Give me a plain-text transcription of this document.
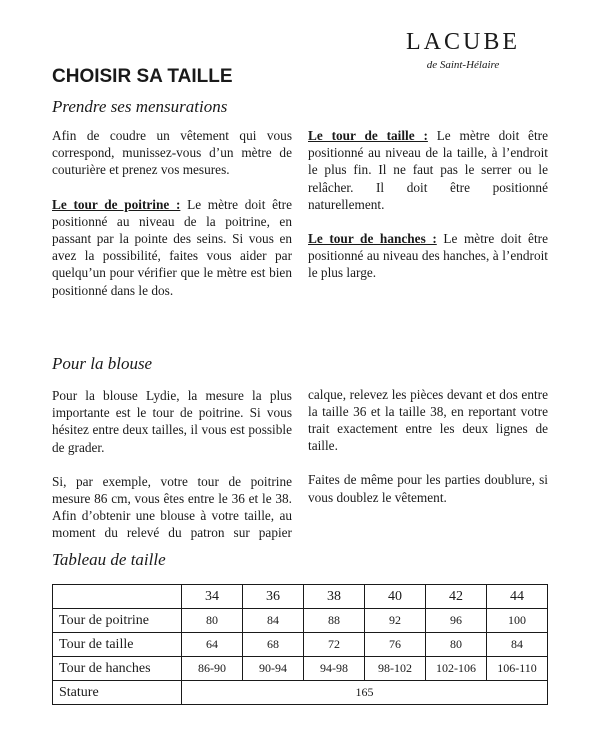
LACUBE
de Saint-Hélaire
CHOISIR SA TAILLE
Prendre ses mensurations

Afin de coudre un vêtement qui vous correspond, munissez-vous d’un mètre de couturière et prenez vos mesures.

Le tour de poitrine : Le mètre doit être positionné au niveau de la poitrine, en passant par la pointe des seins. Si vous en avez la possibilité, faites vous aider par quelqu’un pour vérifier que le mètre est bien positionné dans le dos.

Le tour de taille : Le mètre doit être positionné au niveau de la taille, à l’endroit le plus fin. Il ne faut pas le serrer ou le relâcher. Il doit être positionné naturellement.

Le tour de hanches : Le mètre doit être positionné au niveau des hanches, à l’endroit le plus large.

Pour la blouse

Pour la blouse Lydie, la mesure la plus importante est le tour de poitrine. Si vous hésitez entre deux tailles, il vous est possible de grader.

Si, par exemple, votre tour de poitrine mesure 86 cm, vous êtes entre le 36 et le 38. Afin d’obtenir une blouse à votre taille, au moment du relevé du patron sur papier

calque, relevez les pièces devant et dos entre la taille 36 et la taille 38, en reportant votre trait exactement entre les deux lignes de taille.

Faites de même pour les parties doublure, si vous doublez le vêtement.

Tableau de taille
	34	36	38	40	42	44
Tour de poitrine	80	84	88	92	96	100
Tour de taille	64	68	72	76	80	84
Tour de hanches	86-90	90-94	94-98	98-102	102-106	106-110
Stature	165					
